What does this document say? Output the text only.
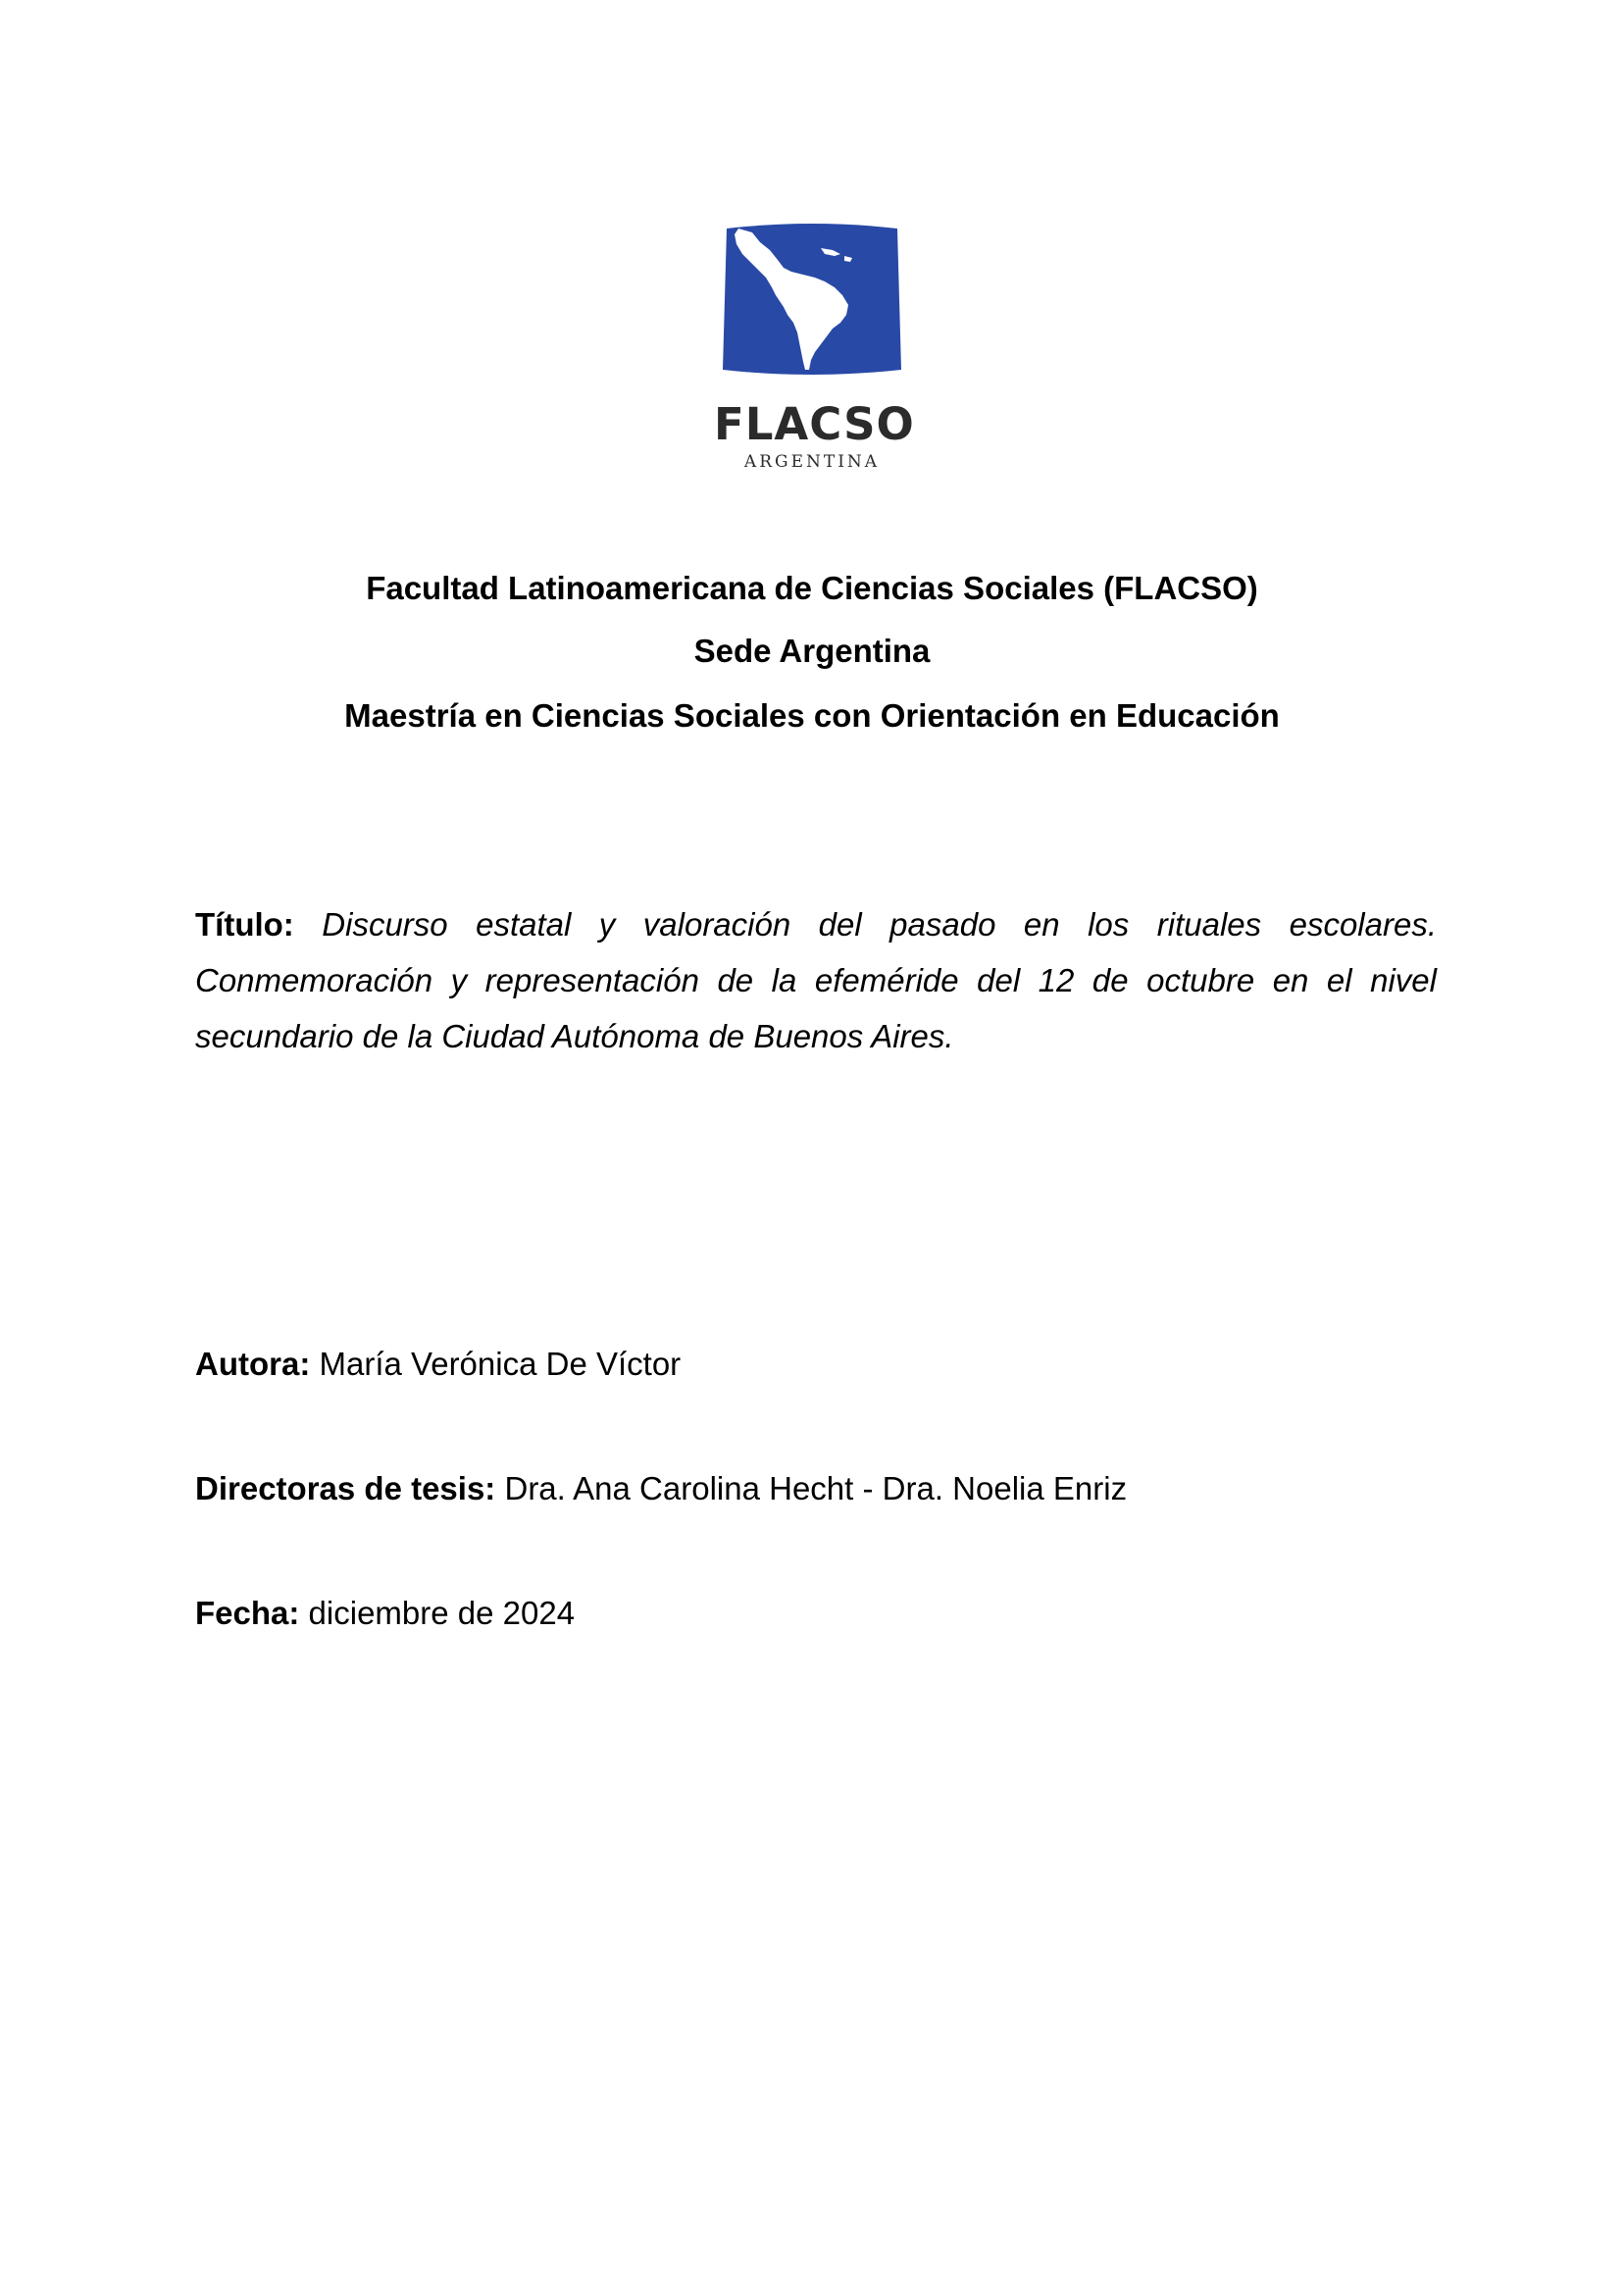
FLACSO
ARGENTINA
Facultad Latinoamericana de Ciencias Sociales (FLACSO)
Sede Argentina
Maestría en Ciencias Sociales con Orientación en Educación
Título: Discurso estatal y valoración del pasado en los rituales escolares. Conmemoración y representación de la efeméride del 12 de octubre en el nivel secundario de la Ciudad Autónoma de Buenos Aires.
Autora: María Verónica De Víctor
Directoras de tesis: Dra. Ana Carolina Hecht - Dra. Noelia Enriz
Fecha: diciembre de 2024
